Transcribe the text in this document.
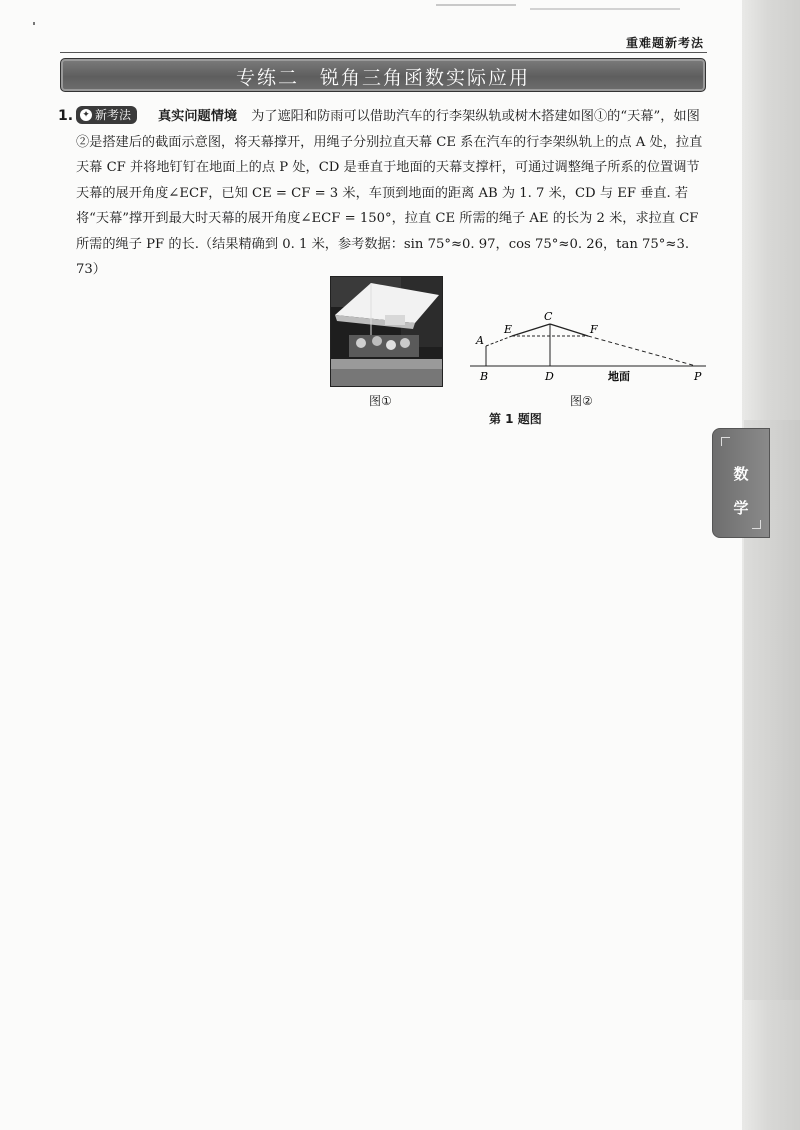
重难题新考法
专练二　锐角三角函数实际应用
1. ✦ 新考法	真实问题情境 为了遮阳和防雨可以借助汽车的行李架纵轨或树木搭建如图①的“天幕”，如图②是搭建后的截面示意图，将天幕撑开，用绳子分别拉直天幕 CE 系在汽车的行李架纵轨上的点 A 处，拉直天幕 CF 并将地钉钉在地面上的点 P 处，CD 是垂直于地面的天幕支撑杆，可通过调整绳子所系的位置调节天幕的展开角度∠ECF，已知 CE = CF = 3 米，车顶到地面的距离 AB 为 1. 7 米，CD 与 EF 垂直. 若将“天幕”撑开到最大时天幕的展开角度∠ECF = 150°，拉直 CE 所需的绳子 AE 的长为 2 米，求拉直 CF 所需的绳子 PF 的长.（结果精确到 0. 1 米，参考数据：sin 75°≈0. 97，cos 75°≈0. 26，tan 75°≈3. 73）
图①
A
B
C
D
E	F
P
地面
图②
第 1 题图
数
学
